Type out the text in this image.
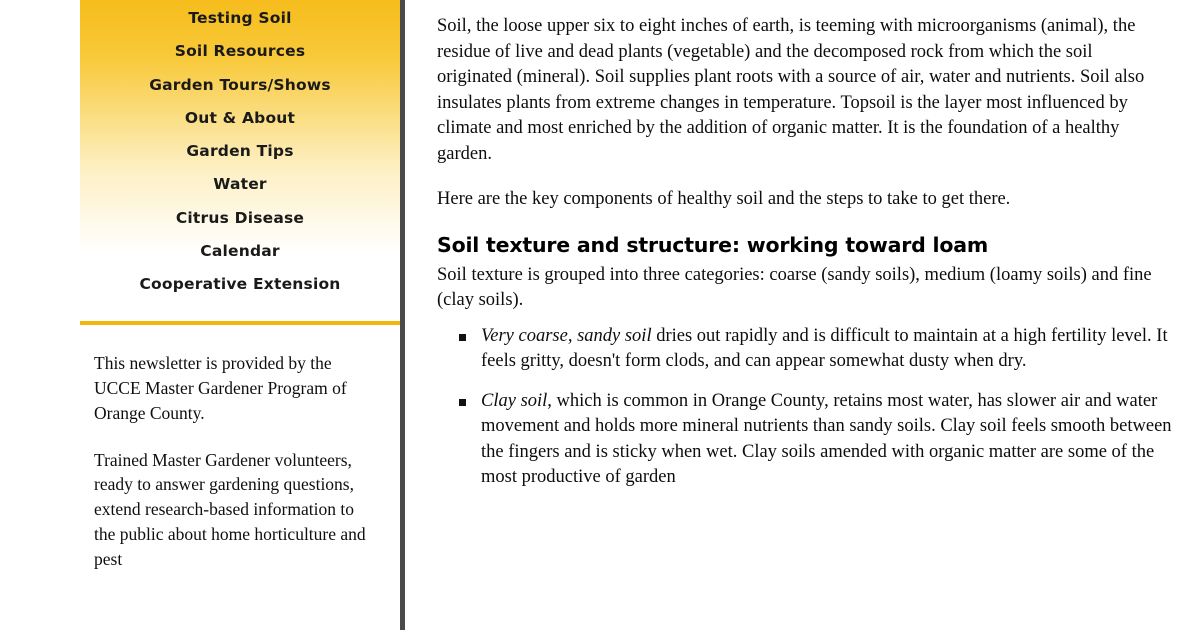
Testing Soil
Soil Resources
Garden Tours/Shows
Out & About
Garden Tips
Water
Citrus Disease
Calendar
Cooperative Extension

This newsletter is provided by the UCCE Master Gardener Program of Orange County.

Trained Master Gardener volunteers, ready to answer gardening questions, extend research-based information to the public about home horticulture and pest

Soil, the loose upper six to eight inches of earth, is teeming with microorganisms (animal), the residue of live and dead plants (vegetable) and the decomposed rock from which the soil originated (mineral). Soil supplies plant roots with a source of air, water and nutrients. Soil also insulates plants from extreme changes in temperature. Topsoil is the layer most influenced by climate and most enriched by the addition of organic matter. It is the foundation of a healthy garden.

Here are the key components of healthy soil and the steps to take to get there.

Soil texture and structure: working toward loam

Soil texture is grouped into three categories: coarse (sandy soils), medium (loamy soils) and fine (clay soils).

Very coarse, sandy soil dries out rapidly and is difficult to maintain at a high fertility level. It feels gritty, doesn't form clods, and can appear somewhat dusty when dry.
Clay soil, which is common in Orange County, retains most water, has slower air and water movement and holds more mineral nutrients than sandy soils. Clay soil feels smooth between the fingers and is sticky when wet. Clay soils amended with organic matter are some of the most productive of garden
